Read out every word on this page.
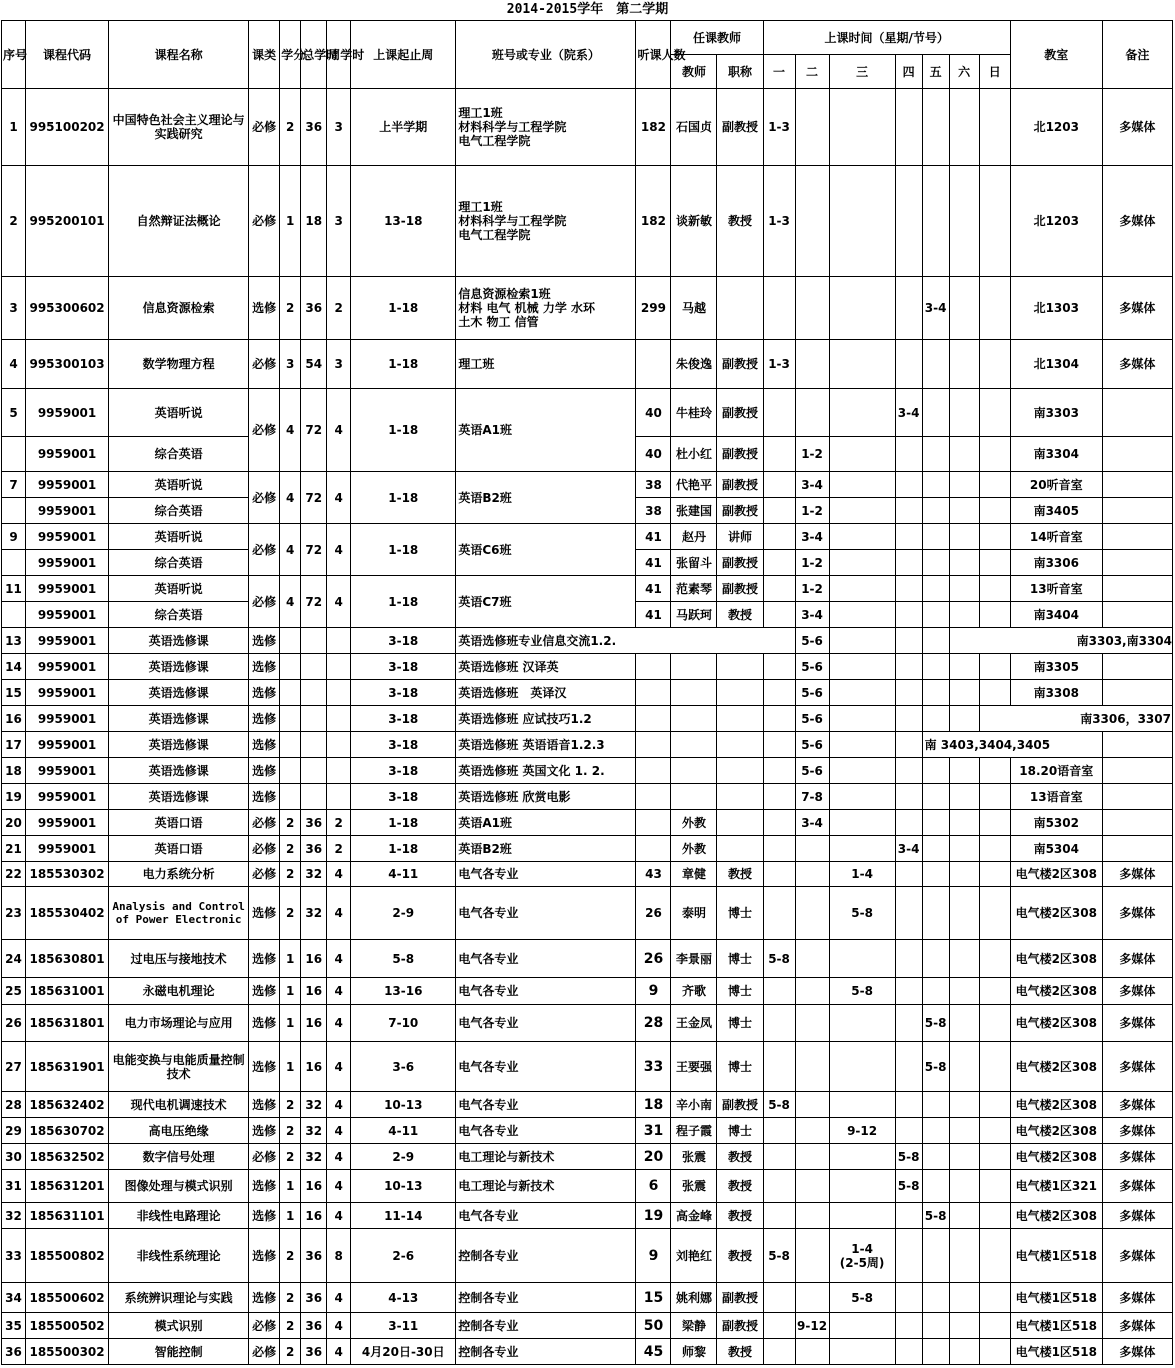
2014-2015学年　第二学期
序号	课程代码	课程名称	课类	学分	总学时	周学时	上课起止周	班号或专业（院系）	听课人数	任课教师		上课时间（星期/节号）							教室	备注
										教师	职称	一	二	三	四	五	六	日		
1	995100202	中国特色社会主义理论与实践研究	必修	2	36	3	上半学期	理工1班
材料科学与工程学院
电气工程学院	182	石国贞	副教授	1-3							北1203	多媒体
2	995200101	自然辩证法概论	必修	1	18	3	13-18	理工1班
材料科学与工程学院
电气工程学院	182	谈新敏	教授	1-3							北1203	多媒体
3	995300602	信息资源检索	选修	2	36	2	1-18	信息资源检索1班
材料 电气 机械 力学 水环
土木 物工 信管	299	马越						3-4			北1303	多媒体
4	995300103	数学物理方程	必修	3	54	3	1-18	理工班		朱俊逸	副教授	1-3							北1304	多媒体
5	9959001	英语听说	必修	4	72	4	1-18	英语A1班	40	牛桂玲	副教授				3-4				南3303	
	9959001	综合英语							40	杜小红	副教授		1-2						南3304	
7	9959001	英语听说	必修	4	72	4	1-18	英语B2班	38	代艳平	副教授		3-4						20听音室	
	9959001	综合英语							38	张建国	副教授		1-2						南3405	
9	9959001	英语听说	必修	4	72	4	1-18	英语C6班	41	赵丹	讲师		3-4						14听音室	
	9959001	综合英语							41	张留斗	副教授		1-2						南3306	
11	9959001	英语听说	必修	4	72	4	1-18	英语C7班	41	范素琴	副教授		1-2						13听音室	
	9959001	综合英语							41	马跃珂	教授		3-4						南3404	
13	9959001	英语选修课	选修				3-18	英语选修班专业信息交流1.2.					5-6				南3303,南3304			
14	9959001	英语选修课	选修				3-18	英语选修班 汉译英					5-6						南3305	
15	9959001	英语选修课	选修				3-18	英语选修班　英译汉					5-6						南3308	
16	9959001	英语选修课	选修				3-18	英语选修班 应试技巧1.2					5-6					南3306，3307		
17	9959001	英语选修课	选修				3-18	英语选修班 英语语音1.2.3					5-6			南 3403,3404,3405				
18	9959001	英语选修课	选修				3-18	英语选修班 英国文化 1. 2.					5-6						18.20语音室	
19	9959001	英语选修课	选修				3-18	英语选修班 欣赏电影					7-8						13语音室	
20	9959001	英语口语	必修	2	36	2	1-18	英语A1班		外教			3-4						南5302	
21	9959001	英语口语	必修	2	36	2	1-18	英语B2班		外教					3-4				南5304	
22	185530302	电力系统分析	必修	2	32	4	4-11	电气各专业	43	章健	教授			1-4					电气楼2区308	多媒体
23	185530402	Analysis and Control of Power Electronic	选修	2	32	4	2-9	电气各专业	26	泰明	博士			5-8					电气楼2区308	多媒体
24	185630801	过电压与接地技术	选修	1	16	4	5-8	电气各专业	26	李景丽	博士	5-8							电气楼2区308	多媒体
25	185631001	永磁电机理论	选修	1	16	4	13-16	电气各专业	9	齐歌	博士			5-8					电气楼2区308	多媒体
26	185631801	电力市场理论与应用	选修	1	16	4	7-10	电气各专业	28	王金凤	博士					5-8			电气楼2区308	多媒体
27	185631901	电能变换与电能质量控制技术	选修	1	16	4	3-6	电气各专业	33	王要强	博士					5-8			电气楼2区308	多媒体
28	185632402	现代电机调速技术	选修	2	32	4	10-13	电气各专业	18	辛小南	副教授	5-8							电气楼2区308	多媒体
29	185630702	高电压绝缘	选修	2	32	4	4-11	电气各专业	31	程子霞	博士			9-12					电气楼2区308	多媒体
30	185632502	数字信号处理	必修	2	32	4	2-9	电工理论与新技术	20	张震	教授				5-8				电气楼2区308	多媒体
31	185631201	图像处理与模式识别	选修	1	16	4	10-13	电工理论与新技术	6	张震	教授				5-8				电气楼1区321	多媒体
32	185631101	非线性电路理论	选修	1	16	4	11-14	电气各专业	19	高金峰	教授					5-8			电气楼2区308	多媒体
33	185500802	非线性系统理论	选修	2	36	8	2-6	控制各专业	9	刘艳红	教授	5-8		1-4
(2-5周)					电气楼1区518	多媒体
34	185500602	系统辨识理论与实践	选修	2	36	4	4-13	控制各专业	15	姚利娜	副教授			5-8					电气楼1区518	多媒体
35	185500502	模式识别	必修	2	36	4	3-11	控制各专业	50	梁静	副教授		9-12						电气楼1区518	多媒体
36	185500302	智能控制	必修	2	36	4	4月20日-30日	控制各专业	45	师黎	教授								电气楼1区518	多媒体
